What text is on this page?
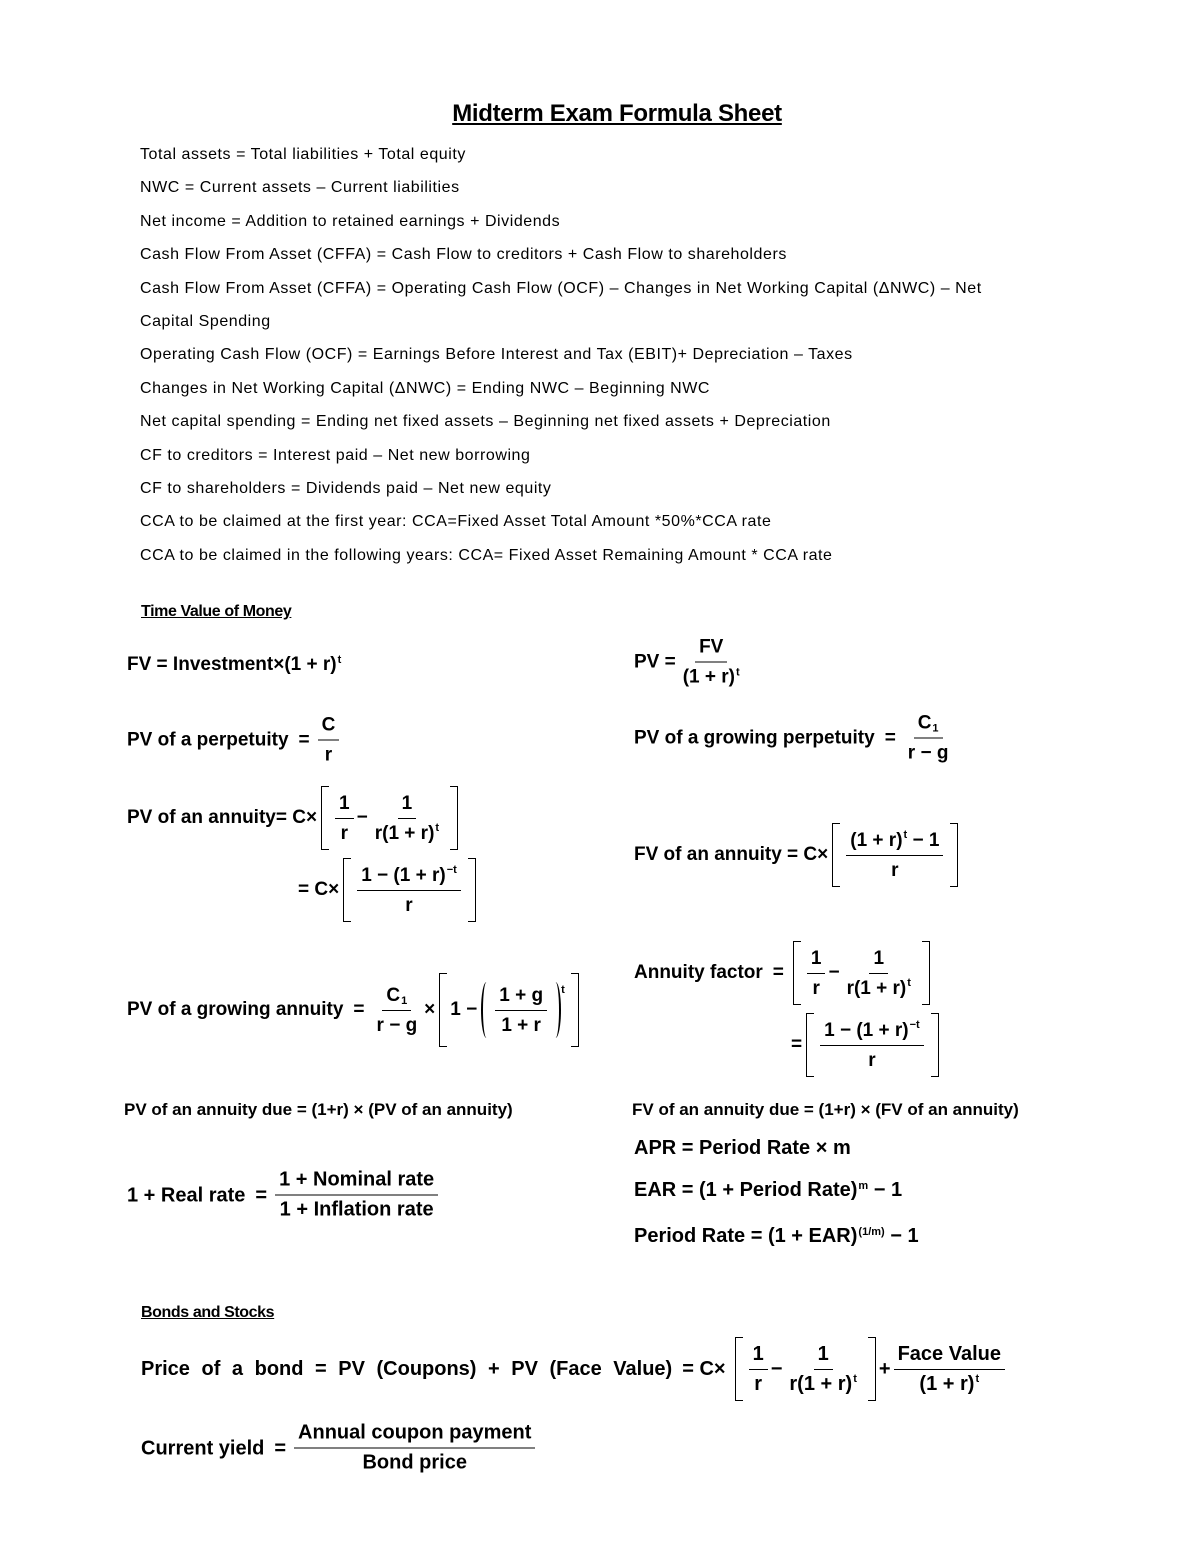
Midterm Exam Formula Sheet
Total assets = Total liabilities + Total equity
NWC = Current assets – Current liabilities
Net income = Addition to retained earnings + Dividends
Cash Flow From Asset (CFFA) = Cash Flow to creditors + Cash Flow to shareholders
Cash Flow From Asset (CFFA) = Operating Cash Flow (OCF) – Changes in Net Working Capital (ΔNWC) – Net
Capital Spending
Operating Cash Flow (OCF) = Earnings Before Interest and Tax (EBIT)+ Depreciation – Taxes
Changes in Net Working Capital (ΔNWC) = Ending NWC – Beginning NWC
Net capital spending = Ending net fixed assets – Beginning net fixed assets + Depreciation
CF to creditors = Interest paid – Net new borrowing
CF to shareholders = Dividends paid – Net new equity
CCA to be claimed at the first year: CCA=Fixed Asset Total Amount *50%*CCA rate
CCA to be claimed in the following years: CCA= Fixed Asset Remaining Amount * CCA rate
Time Value of Money
FV = Investment×(1 + r)$^t$	PV = $\frac{FV}{(1 + r)^t}$
PV of a perpetuity = $\frac{C}{r}$	PV of a growing perpetuity = $\frac{C_1}{r - g}$
PV of an annuity= $C\times \frac{1}{r} - \frac{1}{r(1 + r)^t}$
= $C\times \frac{1 - (1 + r)^{-t}}{r}$
FV of an annuity = $C\times \frac{(1 + r)^t - 1}{r}$
Annuity factor = $\frac{1}{r} - \frac{1}{r(1 + r)^t}$
= $\frac{1 - (1 + r)^{-t}}{r}$
PV of a growing annuity = $\frac{C_1}{r - g} \times 1 - \frac{1 + g}{1 + r}$ t
PV of an annuity due = (1+r) × (PV of an annuity)	FV of an annuity due = (1+r) × (FV of an annuity)
1 + Real rate = $\frac{\text{1 + Nominal rate}}{\text{1 + Inflation rate}}$
APR = Period Rate × m
EAR = (1 + Period Rate)$^m$ − 1
Period Rate = (1 + EAR)$^{(1/m)}$ − 1
Bonds and Stocks
Price of a bond = PV (Coupons) + PV (Face Value) = $C\times \frac{1}{r} - \frac{1}{r(1 + r)^t} + \frac{\text{Face Value}}{(1 + r)^t}$
Current yield = $\frac{\text{Annual coupon payment}}{\text{Bond price}}$
